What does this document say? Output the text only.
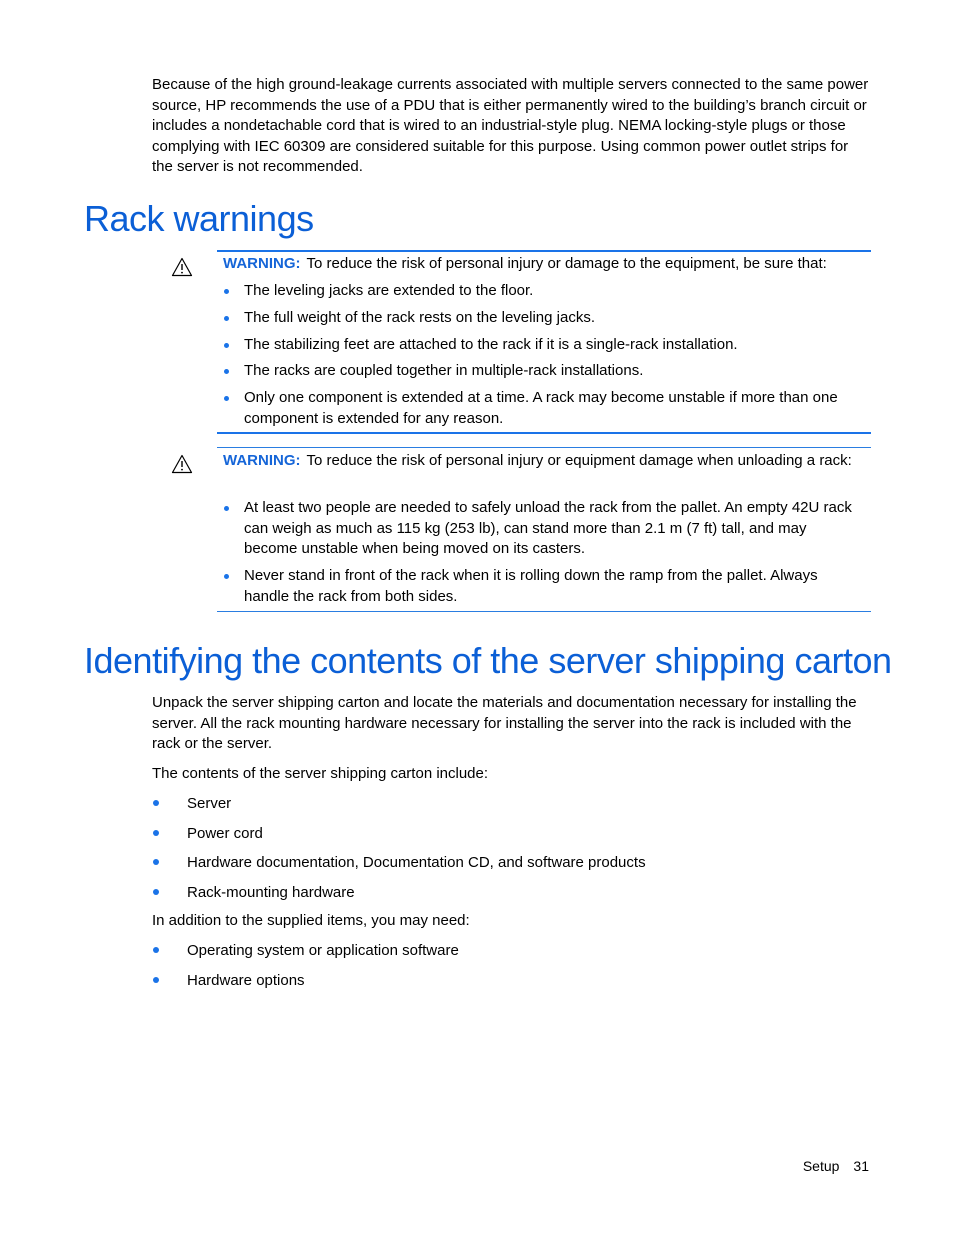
Because of the high ground-leakage currents associated with multiple servers connected to the same power source, HP recommends the use of a PDU that is either permanently wired to the building’s branch circuit or includes a nondetachable cord that is wired to an industrial-style plug. NEMA locking-style plugs or those complying with IEC 60309 are considered suitable for this purpose. Using common power outlet strips for the server is not recommended.

Rack warnings

WARNING: To reduce the risk of personal injury or damage to the equipment, be sure that:

The leveling jacks are extended to the floor.
The full weight of the rack rests on the leveling jacks.
The stabilizing feet are attached to the rack if it is a single-rack installation.
The racks are coupled together in multiple-rack installations.
Only one component is extended at a time. A rack may become unstable if more than one component is extended for any reason.

WARNING: To reduce the risk of personal injury or equipment damage when unloading a rack:

At least two people are needed to safely unload the rack from the pallet. An empty 42U rack can weigh as much as 115 kg (253 lb), can stand more than 2.1 m (7 ft) tall, and may become unstable when being moved on its casters.
Never stand in front of the rack when it is rolling down the ramp from the pallet. Always handle the rack from both sides.
Identifying the contents of the server shipping carton

Unpack the server shipping carton and locate the materials and documentation necessary for installing the server. All the rack mounting hardware necessary for installing the server into the rack is included with the rack or the server.

The contents of the server shipping carton include:

Server
Power cord
Hardware documentation, Documentation CD, and software products
Rack-mounting hardware

In addition to the supplied items, you may need:

Operating system or application software
Hardware options
Setup 31
